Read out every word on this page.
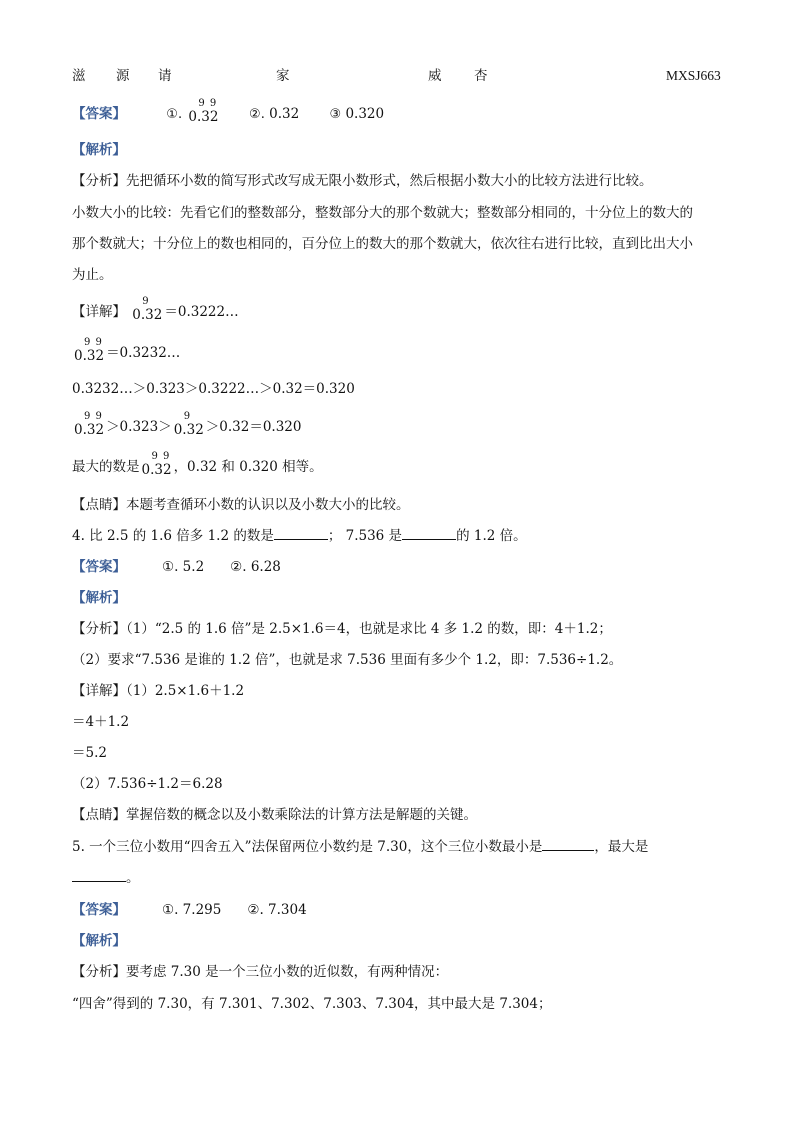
滋 源 请	家	威 杏	MXSJ663
【答案】	①. 0.32
9 9
②. 0.32 ③ 0.320
【解析】
【分析】先把循环小数的简写形式改写成无限小数形式，然后根据小数大小的比较方法进行比较。
小数大小的比较：先看它们的整数部分，整数部分大的那个数就大；整数部分相同的，十分位上的数大的
那个数就大；十分位上的数也相同的，百分位上的数大的那个数就大，依次往右进行比较，直到比出大小
为止。
【详解】 0.32
9
＝0.3222…
0.32
9 9
＝0.3232…
0.3232…＞0.323＞0.3222…＞0.32＝0.320
0.32
9 9
＞0.323＞ 0.32
9
＞0.32＝0.320
最大的数是 0.32
9 9
，0.32 和 0.320 相等。
【点睛】本题考查循环小数的认识以及小数大小的比较。
4. 比 2.5 的 1.6 倍多 1.2 的数是	； 7.536 是	的 1.2 倍。
【答案】	①. 5.2 ②. 6.28
【解析】
【分析】（1）“2.5 的 1.6 倍”是 2.5×1.6＝4，也就是求比 4 多 1.2 的数，即：4＋1.2；
（2）要求“7.536 是谁的 1.2 倍”，也就是求 7.536 里面有多少个 1.2，即：7.536÷1.2。
【详解】（1）2.5×1.6＋1.2
＝4＋1.2
＝5.2
（2）7.536÷1.2＝6.28
【点睛】掌握倍数的概念以及小数乘除法的计算方法是解题的关键。
5. 一个三位小数用“四舍五入”法保留两位小数约是 7.30，这个三位小数最小是	，最大是
。
【答案】	①. 7.295 ②. 7.304
【解析】
【分析】要考虑 7.30 是一个三位小数的近似数，有两种情况：
“四舍”得到的 7.30，有 7.301、7.302、7.303、7.304，其中最大是 7.304；
